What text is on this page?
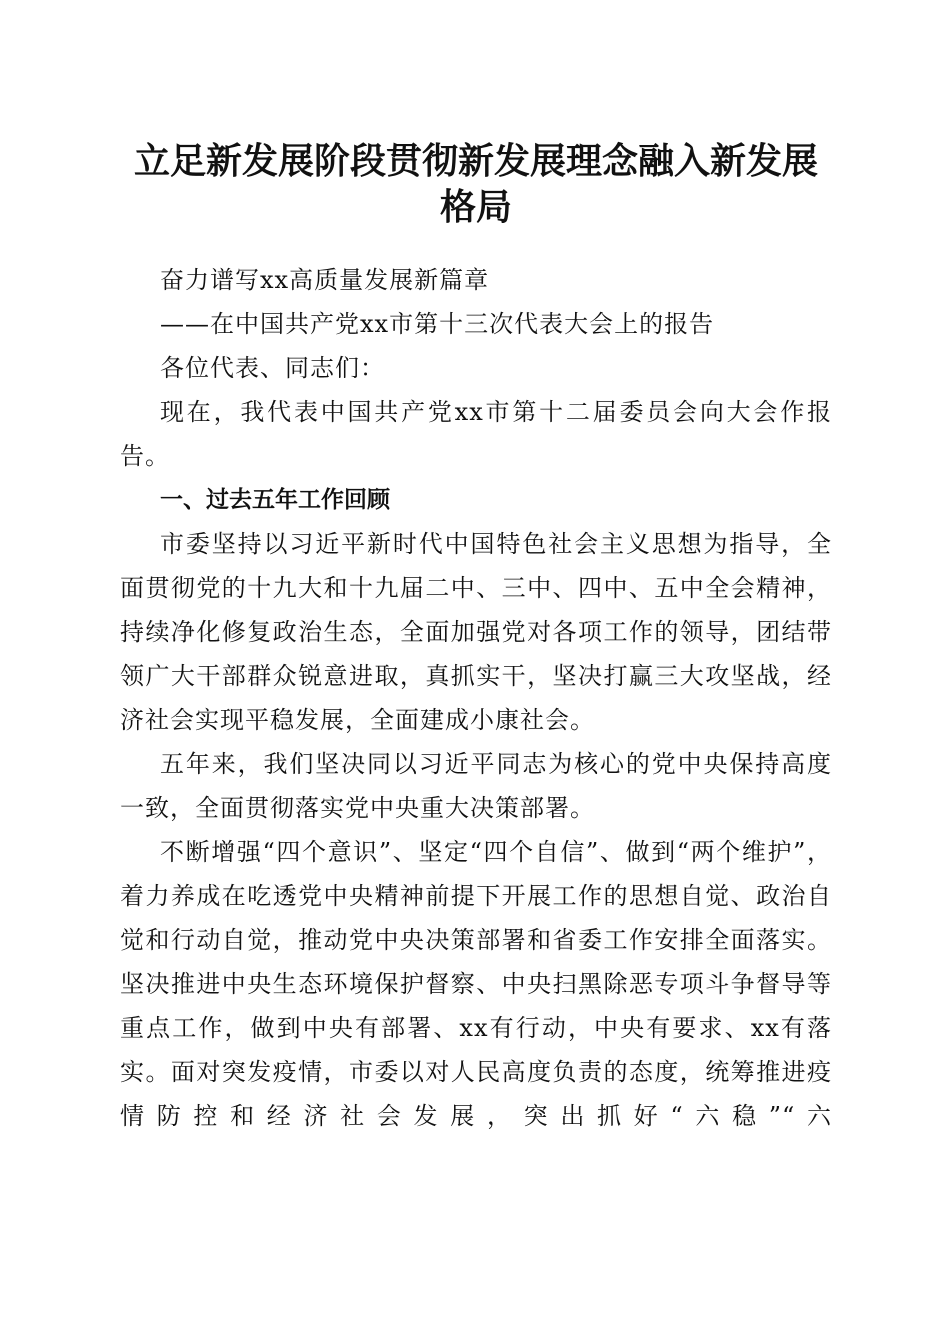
立足新发展阶段贯彻新发展理念融入新发展格局

奋力谱写xx高质量发展新篇章

——在中国共产党xx市第十三次代表大会上的报告

各位代表、同志们：

现在，我代表中国共产党xx市第十二届委员会向大会作报告。

一、过去五年工作回顾

市委坚持以习近平新时代中国特色社会主义思想为指导，全面贯彻党的十九大和十九届二中、三中、四中、五中全会精神，持续净化修复政治生态，全面加强党对各项工作的领导，团结带领广大干部群众锐意进取，真抓实干，坚决打赢三大攻坚战，经济社会实现平稳发展，全面建成小康社会。

五年来，我们坚决同以习近平同志为核心的党中央保持高度一致，全面贯彻落实党中央重大决策部署。

不断增强“四个意识”、坚定“四个自信”、做到“两个维护”，着力养成在吃透党中央精神前提下开展工作的思想自觉、政治自觉和行动自觉，推动党中央决策部署和省委工作安排全面落实。坚决推进中央生态环境保护督察、中央扫黑除恶专项斗争督导等重点工作，做到中央有部署、xx有行动，中央有要求、xx有落实。面对突发疫情，市委以对人民高度负责的态度，统筹推进疫情防控和经济社会发展，突出抓好“六稳”“六
